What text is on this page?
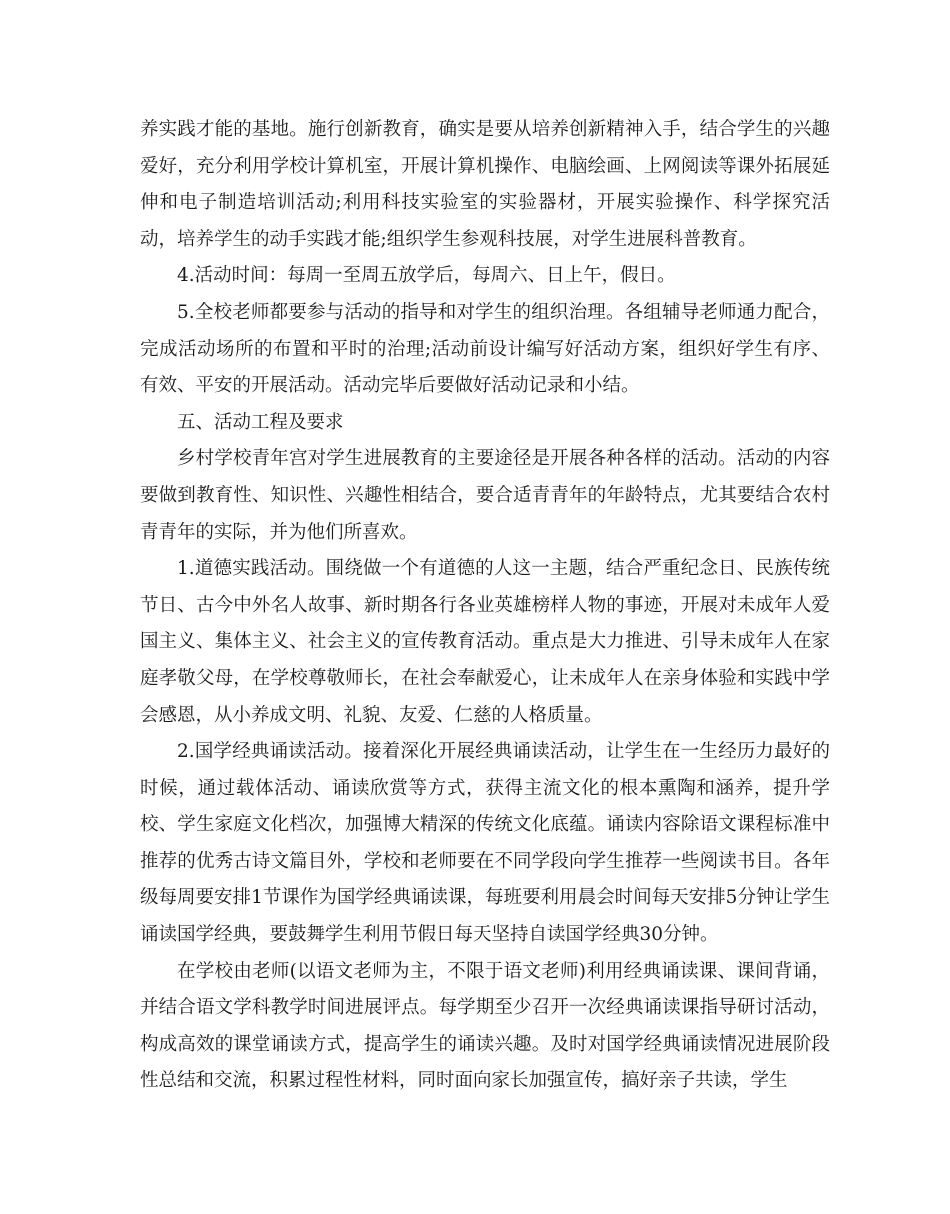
养实践才能的基地。施行创新教育，确实是要从培养创新精神入手，结合学生的兴趣爱好，充分利用学校计算机室，开展计算机操作、电脑绘画、上网阅读等课外拓展延伸和电子制造培训活动;利用科技实验室的实验器材，开展实验操作、科学探究活动，培养学生的动手实践才能;组织学生参观科技展，对学生进展科普教育。

4.活动时间：每周一至周五放学后，每周六、日上午，假日。

5.全校老师都要参与活动的指导和对学生的组织治理。各组辅导老师通力配合，完成活动场所的布置和平时的治理;活动前设计编写好活动方案，组织好学生有序、有效、平安的开展活动。活动完毕后要做好活动记录和小结。

五、活动工程及要求

乡村学校青年宫对学生进展教育的主要途径是开展各种各样的活动。活动的内容要做到教育性、知识性、兴趣性相结合，要合适青青年的年龄特点，尤其要结合农村青青年的实际，并为他们所喜欢。

1.道德实践活动。围绕做一个有道德的人这一主题，结合严重纪念日、民族传统节日、古今中外名人故事、新时期各行各业英雄榜样人物的事迹，开展对未成年人爱国主义、集体主义、社会主义的宣传教育活动。重点是大力推进、引导未成年人在家庭孝敬父母，在学校尊敬师长，在社会奉献爱心，让未成年人在亲身体验和实践中学会感恩，从小养成文明、礼貌、友爱、仁慈的人格质量。

2.国学经典诵读活动。接着深化开展经典诵读活动，让学生在一生经历力最好的时候，通过载体活动、诵读欣赏等方式，获得主流文化的根本熏陶和涵养，提升学校、学生家庭文化档次，加强博大精深的传统文化底蕴。诵读内容除语文课程标准中推荐的优秀古诗文篇目外，学校和老师要在不同学段向学生推荐一些阅读书目。各年级每周要安排1节课作为国学经典诵读课，每班要利用晨会时间每天安排5分钟让学生诵读国学经典，要鼓舞学生利用节假日每天坚持自读国学经典30分钟。

在学校由老师(以语文老师为主，不限于语文老师)利用经典诵读课、课间背诵，并结合语文学科教学时间进展评点。每学期至少召开一次经典诵读课指导研讨活动，构成高效的课堂诵读方式，提高学生的诵读兴趣。及时对国学经典诵读情况进展阶段性总结和交流，积累过程性材料，同时面向家长加强宣传，搞好亲子共读，学生
